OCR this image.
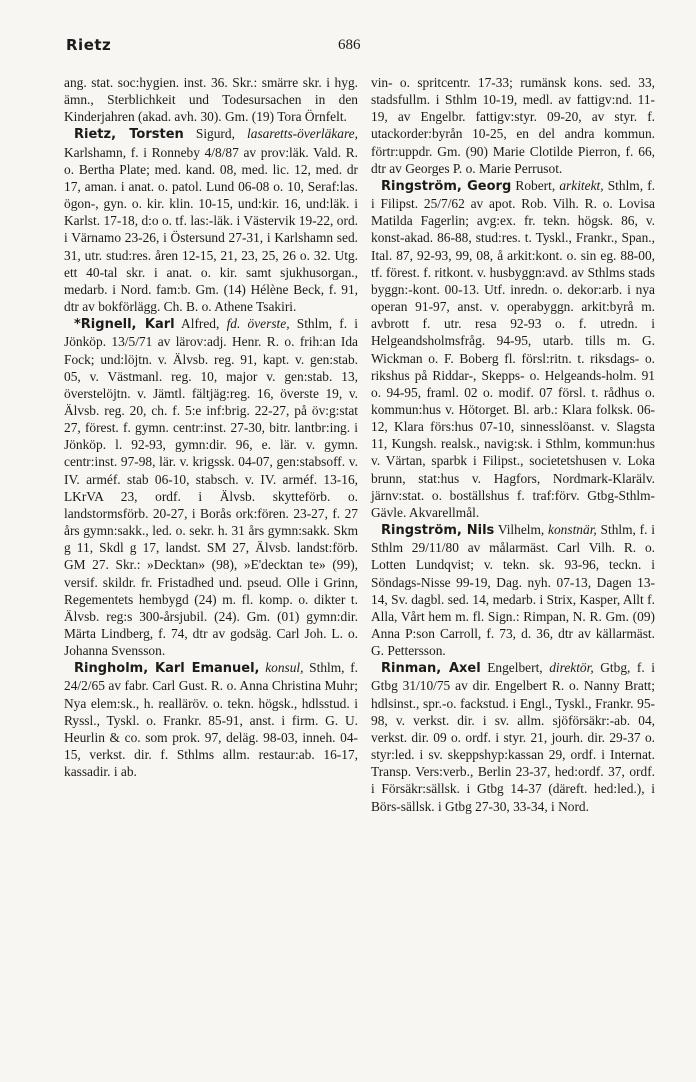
Rietz	686

ang. stat. soc:hygien. inst. 36. Skr.: smärre skr. i hyg. ämn., Sterblichkeit und Todesursachen in den Kinderjahren (akad. avh. 30). Gm. (19) Tora Örnfelt.

Rietz, Torsten Sigurd, lasaretts-överläkare, Karlshamn, f. i Ronneby 4/8/87 av prov:läk. Vald. R. o. Bertha Plate; med. kand. 08, med. lic. 12, med. dr 17, aman. i anat. o. patol. Lund 06-08 o. 10, Seraf:las. ögon-, gyn. o. kir. klin. 10-15, und:kir. 16, und:läk. i Karlst. 17-18, d:o o. tf. las:-läk. i Västervik 19-22, ord. i Värnamo 23-26, i Östersund 27-31, i Karlshamn sed. 31, utr. stud:res. åren 12-15, 21, 23, 25, 26 o. 32. Utg. ett 40-tal skr. i anat. o. kir. samt sjukhusorgan., medarb. i Nord. fam:b. Gm. (14) Hélène Beck, f. 91, dtr av bokförlägg. Ch. B. o. Athene Tsakiri.

*Rignell, Karl Alfred, fd. överste, Sthlm, f. i Jönköp. 13/5/71 av lärov:adj. Henr. R. o. frih:an Ida Fock; und:löjtn. v. Älvsb. reg. 91, kapt. v. gen:stab. 05, v. Västmanl. reg. 10, major v. gen:stab. 13, överstelöjtn. v. Jämtl. fältjäg:reg. 16, överste 19, v. Älvsb. reg. 20, ch. f. 5:e inf:brig. 22-27, på öv:g:stat 27, förest. f. gymn. centr:inst. 27-30, bitr. lantbr:ing. i Jönköp. l. 92-93, gymn:dir. 96, e. lär. v. gymn. centr:inst. 97-98, lär. v. krigssk. 04-07, gen:stabsoff. v. IV. arméf. stab 06-10, stabsch. v. IV. arméf. 13-16, LKrVA 23, ordf. i Älvsb. skytteförb. o. landstormsförb. 20-27, i Borås ork:fören. 23-27, f. 27 års gymn:sakk., led. o. sekr. h. 31 års gymn:sakk. Skm g 11, Skdl g 17, landst. SM 27, Älvsb. landst:förb. GM 27. Skr.: »Decktan» (98), »E'decktan te» (99), versif. skildr. fr. Fristadhed und. pseud. Olle i Grinn, Regementets hembygd (24) m. fl. komp. o. dikter t. Älvsb. reg:s 300-årsjubil. (24). Gm. (01) gymn:dir. Märta Lindberg, f. 74, dtr av godsäg. Carl Joh. L. o. Johanna Svensson.

Ringholm, Karl Emanuel, konsul, Sthlm, f. 24/2/65 av fabr. Carl Gust. R. o. Anna Christina Muhr; Nya elem:sk., h. realläröv. o. tekn. högsk., hdlsstud. i Ryssl., Tyskl. o. Frankr. 85-91, anst. i firm. G. U. Heurlin & co. som prok. 97, deläg. 98-03, inneh. 04-15, verkst. dir. f. Sthlms allm. restaur:ab. 16-17, kassadir. i ab.

vin- o. spritcentr. 17-33; rumänsk kons. sed. 33, stadsfullm. i Sthlm 10-19, medl. av fattigv:nd. 11-19, av Engelbr. fattigv:styr. 09-20, av styr. f. utackorder:byrån 10-25, en del andra kommun. förtr:uppdr. Gm. (90) Marie Clotilde Pierron, f. 66, dtr av Georges P. o. Marie Perrusot.

Ringström, Georg Robert, arkitekt, Sthlm, f. i Filipst. 25/7/62 av apot. Rob. Vilh. R. o. Lovisa Matilda Fagerlin; avg:ex. fr. tekn. högsk. 86, v. konst-akad. 86-88, stud:res. t. Tyskl., Frankr., Span., Ital. 87, 92-93, 99, 08, å arkit:kont. o. sin eg. 88-00, tf. förest. f. ritkont. v. husbyggn:avd. av Sthlms stads byggn:-kont. 00-13. Utf. inredn. o. dekor:arb. i nya operan 91-97, anst. v. operabyggn. arkit:byrå m. avbrott f. utr. resa 92-93 o. f. utredn. i Helgeandsholmsfråg. 94-95, utarb. tills m. G. Wickman o. F. Boberg fl. försl:ritn. t. riksdags- o. rikshus på Riddar-, Skepps- o. Helgeands-holm. 91 o. 94-95, framl. 02 o. modif. 07 försl. t. rådhus o. kommun:hus v. Hötorget. Bl. arb.: Klara folksk. 06-12, Klara förs:hus 07-10, sinnesslöanst. v. Slagsta 11, Kungsh. realsk., navig:sk. i Sthlm, kommun:hus v. Värtan, sparbk i Filipst., societetshusen v. Loka brunn, stat:hus v. Hagfors, Nordmark-Klarälv. järnv:stat. o. boställshus f. traf:förv. Gtbg-Sthlm-Gävle. Akvarellmål.

Ringström, Nils Vilhelm, konstnär, Sthlm, f. i Sthlm 29/11/80 av målarmäst. Carl Vilh. R. o. Lotten Lundqvist; v. tekn. sk. 93-96, teckn. i Söndags-Nisse 99-19, Dag. nyh. 07-13, Dagen 13-14, Sv. dagbl. sed. 14, medarb. i Strix, Kasper, Allt f. Alla, Vårt hem m. fl. Sign.: Rimpan, N. R. Gm. (09) Anna P:son Carroll, f. 73, d. 36, dtr av källarmäst. G. Pettersson.

Rinman, Axel Engelbert, direktör, Gtbg, f. i Gtbg 31/10/75 av dir. Engelbert R. o. Nanny Bratt; hdlsinst., spr.-o. fackstud. i Engl., Tyskl., Frankr. 95-98, v. verkst. dir. i sv. allm. sjöförsäkr:-ab. 04, verkst. dir. 09 o. ordf. i styr. 21, jourh. dir. 29-37 o. styr:led. i sv. skeppshyp:kassan 29, ordf. i Internat. Transp. Vers:verb., Berlin 23-37, hed:ordf. 37, ordf. i Försäkr:sällsk. i Gtbg 14-37 (däreft. hed:led.), i Börs-sällsk. i Gtbg 27-30, 33-34, i Nord.
